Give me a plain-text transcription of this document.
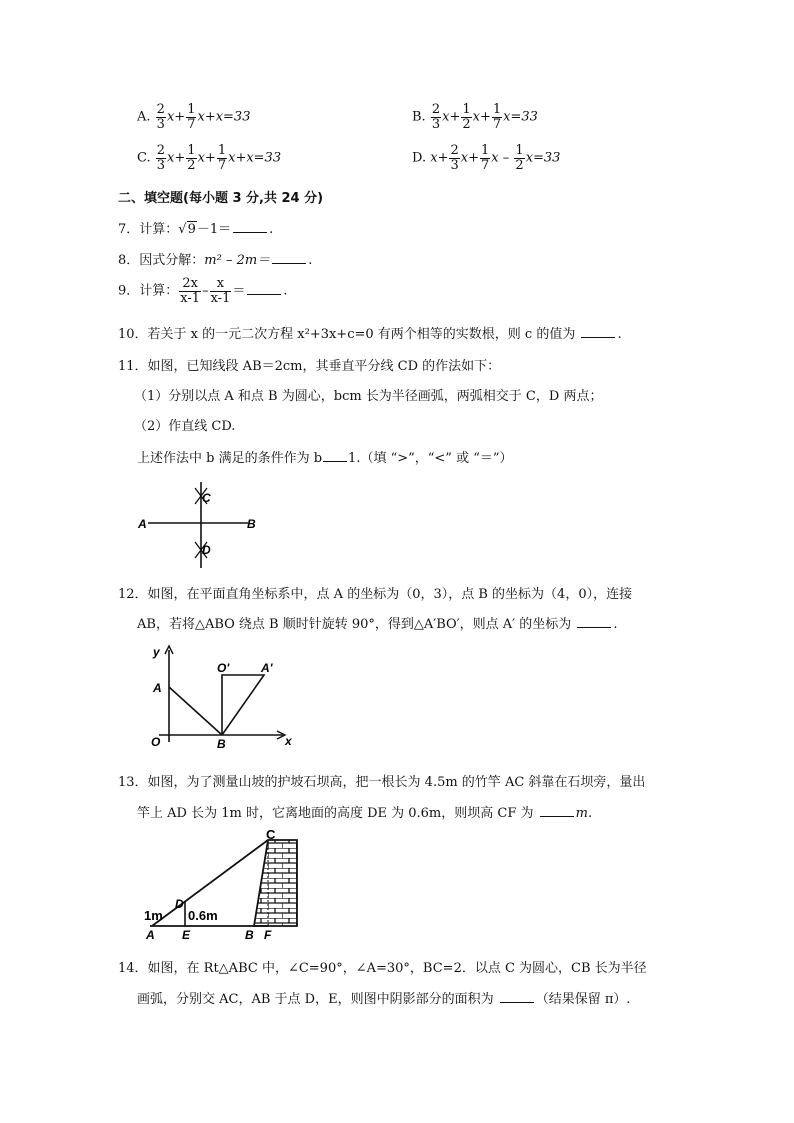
A. $\frac{2}{3} x+ \frac{1}{7} x+x=33$	B. $\frac{2}{3} x+ \frac{1}{2} x+ \frac{1}{7} x=33$
C. $\frac{2}{3} x+ \frac{1}{2} x+ \frac{1}{7} x+x=33$	D. $x+ \frac{2}{3} x+ \frac{1}{7}$ $x - \frac{1}{2} x=33$
二、填空题(每小题 3 分,共 24 分)
7．计算：√9－1＝	.
8．因式分解：m² – 2m＝	.
9．计算： $\frac{2x}{x-1} - \frac{x}{x-1}$ ＝	.
10．若关于 x 的一元二次方程 x²+3x+c=0 有两个相等的实数根，则 c 的值为	.
11．如图，已知线段 AB＝2cm，其垂直平分线 CD 的作法如下：
（1）分别以点 A 和点 B 为圆心，bcm 长为半径画弧，两弧相交于 C，D 两点；
（2）作直线 CD.
上述作法中 b 满足的条件作为 b 1.（填 “>”，“<” 或 “＝”）
C
D
A	B
12．如图，在平面直角坐标系中，点 A 的坐标为（0，3），点 B 的坐标为（4，0），连接
AB，若将△ABO 绕点 B 顺时针旋转 90°，得到△A′BO′，则点 A′ 的坐标为	.
y
x
A
O	B
O'	A'
13．如图，为了测量山坡的护坡石坝高，把一根长为 4.5m 的竹竿 AC 斜靠在石坝旁，量出
竿上 AD 长为 1m 时，它离地面的高度 DE 为 0.6m，则坝高 CF 为	m.
C
D
1m 0.6m
A E	B F
14．如图，在 Rt△ABC 中，∠C=90°，∠A=30°，BC=2．以点 C 为圆心，CB 长为半径
画弧，分别交 AC，AB 于点 D，E，则图中阴影部分的面积为	（结果保留 π）.
